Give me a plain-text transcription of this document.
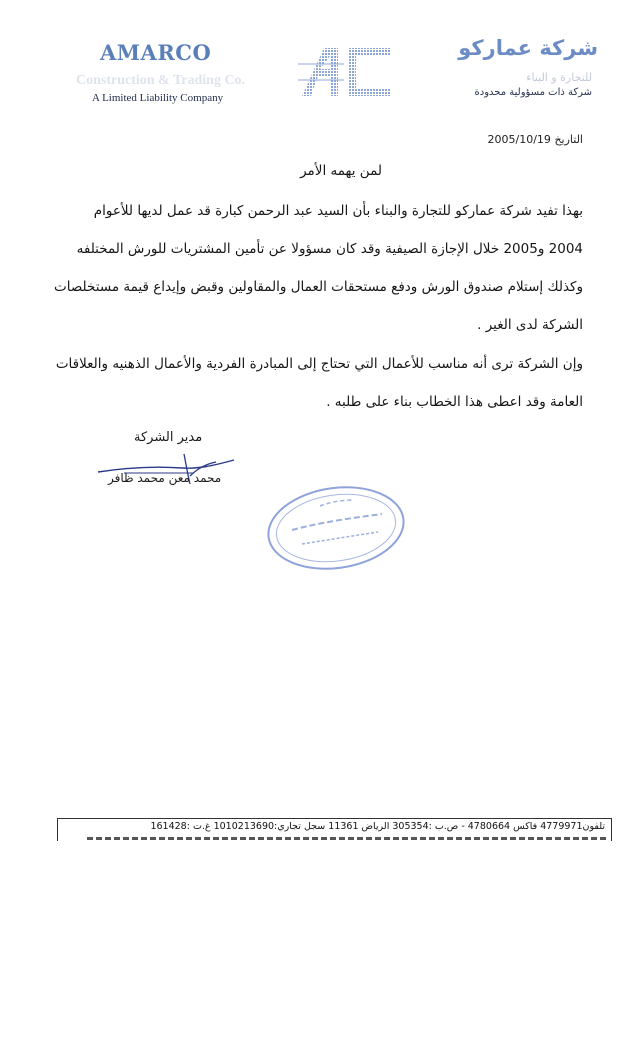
AMARCO
Construction & Trading Co.
A Limited Liability Company
شركة عماركو
للتجارة و البناء
شركة ذات مسؤولية محدودة
التاريخ 2005/10/19
لمن يهمه الأمر
بهذا تفيد شركة عماركو للتجارة والبناء بأن السيد عبد الرحمن كبارة قد عمل لديها للأعوام
2004 و2005 خلال الإجازة الصيفية وقد كان مسؤولا عن تأمين المشتريات للورش المختلفه
وكذلك إستلام صندوق الورش ودفع مستحقات العمال والمقاولين وقبض وإيداع قيمة مستخلصات
الشركة لدى الغير .
وإن الشركة ترى أنه مناسب للأعمال التي تحتاج إلى المبادرة الفردية والأعمال الذهنيه والعلاقات
العامة وقد اعطى هذا الخطاب بناء على طلبه .
مدير الشركة
محمد معن محمد ظافر
تلفون4779971 فاكس 4780664 - ص.ب :305354 الرياض 11361 سجل تجاري:1010213690 غ.ت :161428
